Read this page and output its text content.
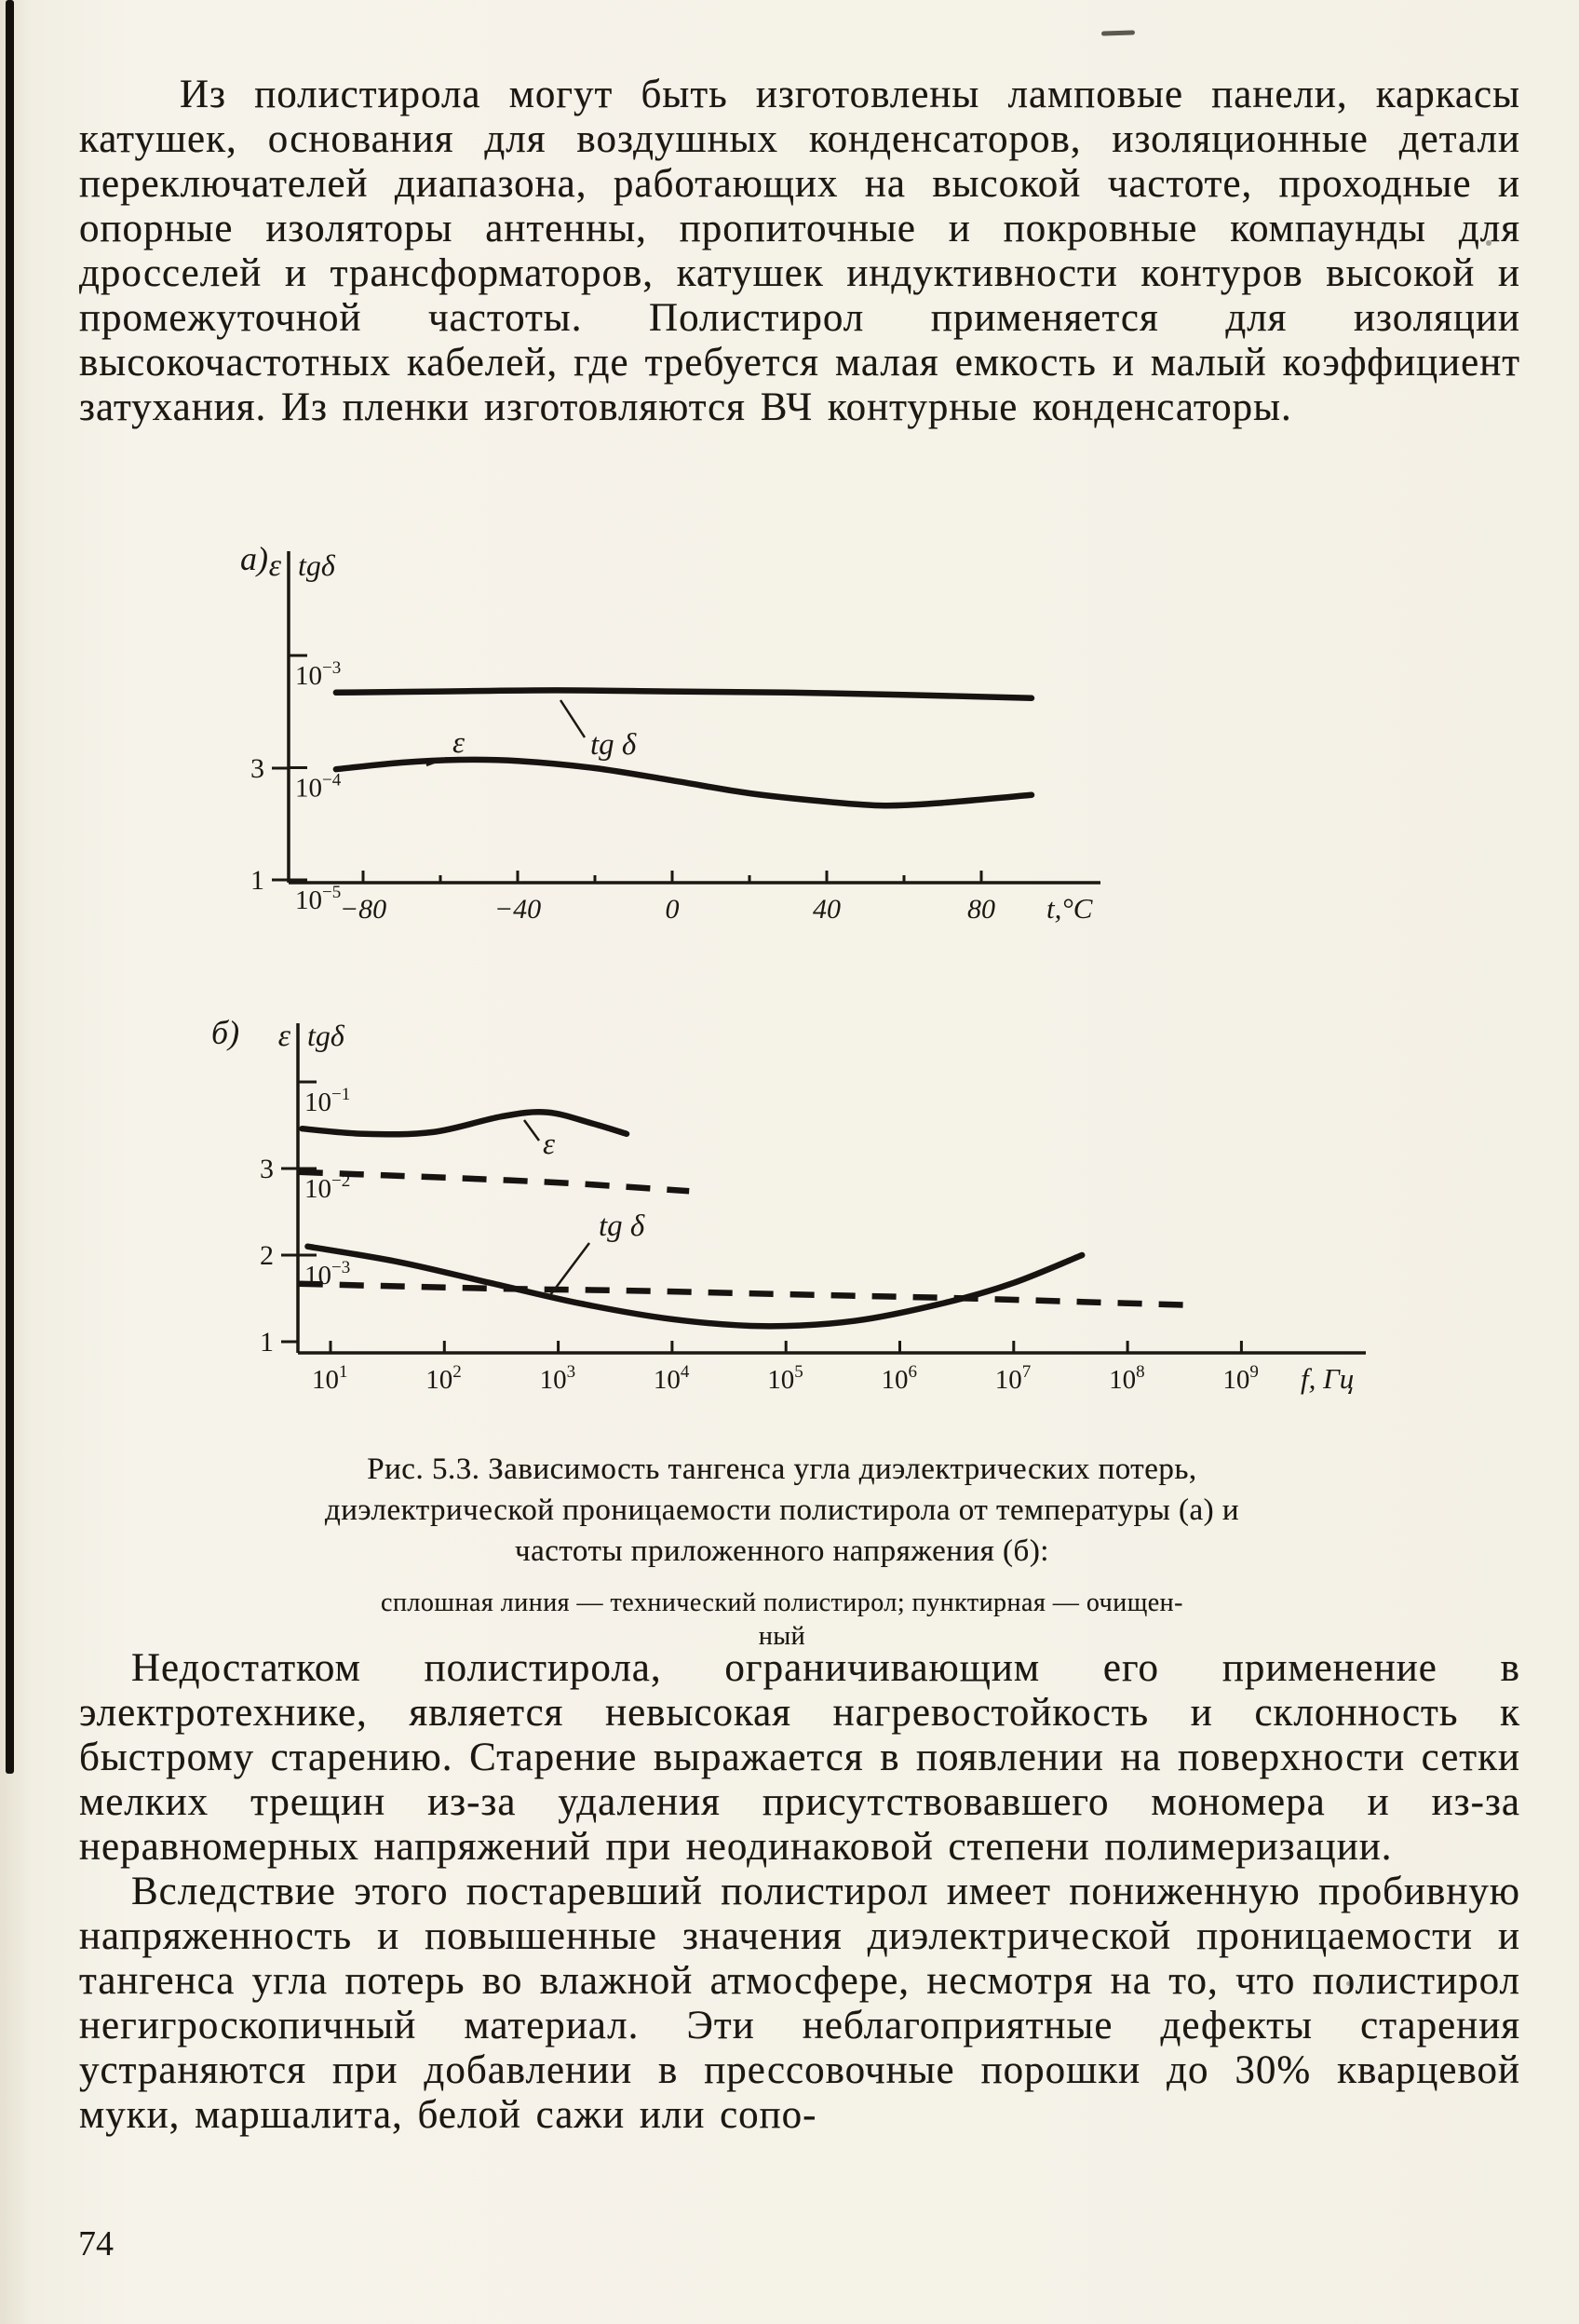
Из полистирола могут быть изготовлены ламповые панели, каркасы катушек, основания для воздушных конденсаторов, изоляционные детали переключателей диапазона, работающих на высокой частоте, проходные и опорные изоляторы антенны, пропиточные и покровные компаунды для дросселей и трансформаторов, катушек индуктивности контуров высокой и промежуточной частоты. Полистирол применяется для изоляции высокочастотных кабелей, где требуется малая емкость и малый коэффициент затухания. Из пленки изготовляются ВЧ контурные конденсаторы.

а) ε tgδ
$10^{-3}$
$10^{-4}$
$10^{-5}$
3
1
−80	−40	0	40	80 t,°C
ε	tg δ
б) ε tgδ
$10^{-1}$
$10^{-2}$
$10^{-3}$
3
2
1
$10^1$	$10^2$	$10^3$	$10^4$	$10^5$	$10^6$	$10^7$	$10^8$	$10^9$ f, Гц
ε
tg δ
Рис. 5.3. Зависимость тангенса угла диэлектрических потерь, диэлектрической проницаемости полистирола от температуры (а) и частоты приложенного напряжения (б):
сплошная линия — технический полистирол; пунктирная — очищен-
ный

Недостатком полистирола, ограничивающим его применение в электротехнике, является невысокая нагревостойкость и склонность к быстрому старению. Старение выражается в появлении на поверхности сетки мелких трещин из-за удаления присутствовавшего мономера и из-за неравномерных напряжений при неодинаковой степени полимеризации.

Вследствие этого постаревший полистирол имеет пониженную пробивную напряженность и повышенные значения диэлектрической проницаемости и тангенса угла потерь во влажной атмосфере, несмотря на то, что полистирол негигроскопичный материал. Эти неблагоприятные дефекты старения устраняются при добавлении в прессовочные порошки до 30% кварцевой муки, маршалита, белой сажи или сопо-

74
